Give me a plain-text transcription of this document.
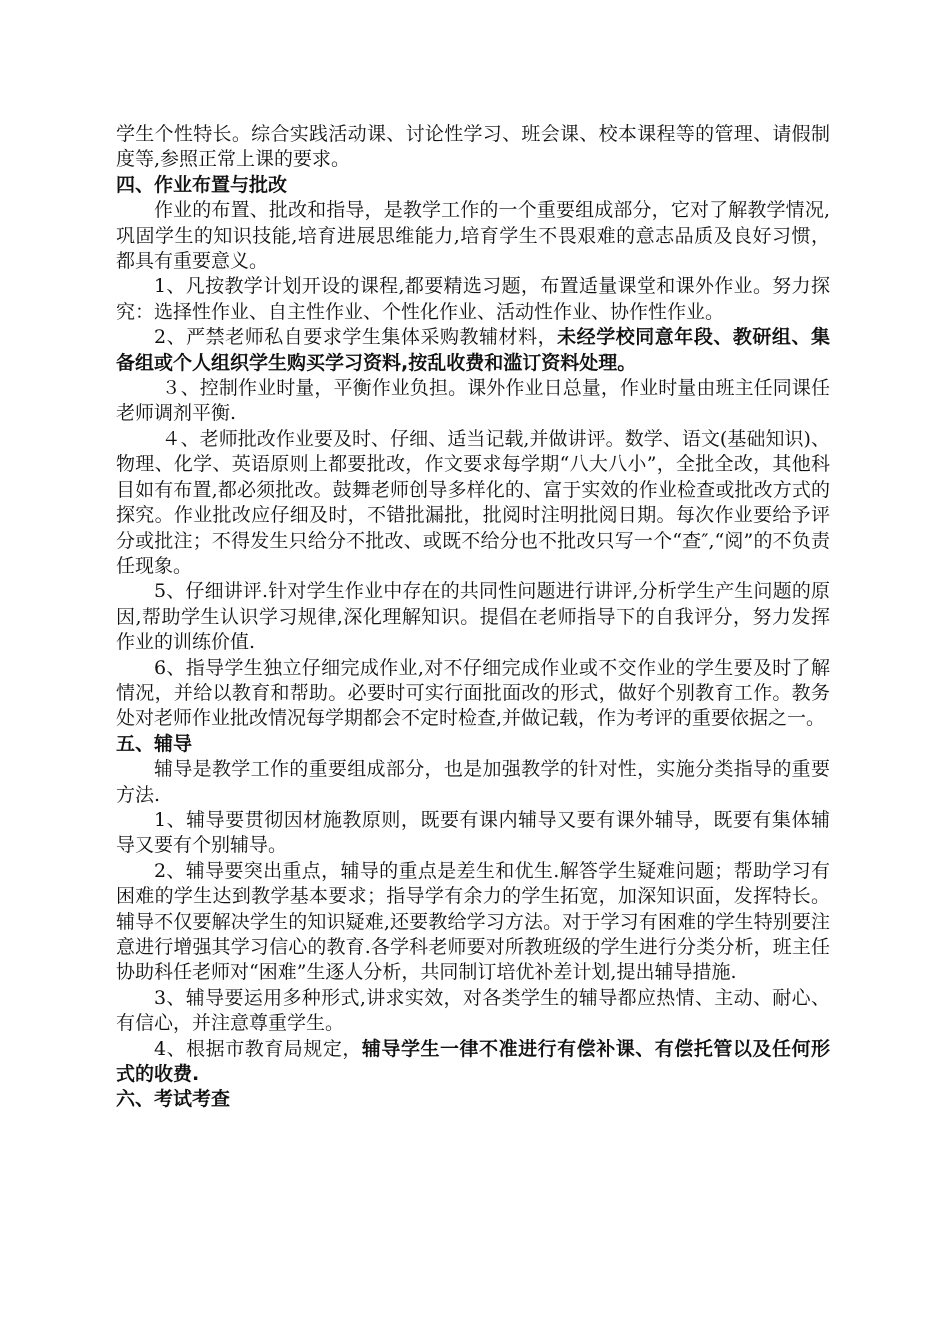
学生个性特长。综合实践活动课、讨论性学习、班会课、校本课程等的管理、请假制度等,参照正常上课的要求。

四、作业布置与批改

作业的布置、批改和指导，是教学工作的一个重要组成部分，它对了解教学情况,巩固学生的知识技能,培育进展思维能力,培育学生不畏艰难的意志品质及良好习惯，都具有重要意义。

1、凡按教学计划开设的课程,都要精选习题，布置适量课堂和课外作业。努力探究：选择性作业、自主性作业、个性化作业、活动性作业、协作性作业。

2、严禁老师私自要求学生集体采购教辅材料，未经学校同意年段、教研组、集备组或个人组织学生购买学习资料,按乱收费和滥订资料处理。

３、控制作业时量，平衡作业负担。课外作业日总量，作业时量由班主任同课任老师调剂平衡.

４、老师批改作业要及时、仔细、适当记载,并做讲评。数学、语文(基础知识)、物理、化学、英语原则上都要批改，作文要求每学期“八大八小”，全批全改，其他科目如有布置,都必须批改。鼓舞老师创导多样化的、富于实效的作业检查或批改方式的探究。作业批改应仔细及时，不错批漏批，批阅时注明批阅日期。每次作业要给予评分或批注；不得发生只给分不批改、或既不给分也不批改只写一个“查″,“阅”的不负责任现象。

5、仔细讲评.针对学生作业中存在的共同性问题进行讲评,分析学生产生问题的原因,帮助学生认识学习规律,深化理解知识。提倡在老师指导下的自我评分，努力发挥作业的训练价值.

6、指导学生独立仔细完成作业,对不仔细完成作业或不交作业的学生要及时了解情况，并给以教育和帮助。必要时可实行面批面改的形式，做好个别教育工作。教务处对老师作业批改情况每学期都会不定时检查,并做记载，作为考评的重要依据之一。

五、辅导

辅导是教学工作的重要组成部分，也是加强教学的针对性，实施分类指导的重要方法.

1、辅导要贯彻因材施教原则，既要有课内辅导又要有课外辅导，既要有集体辅导又要有个别辅导。

2、辅导要突出重点，辅导的重点是差生和优生.解答学生疑难问题；帮助学习有困难的学生达到教学基本要求；指导学有余力的学生拓宽，加深知识面，发挥特长。辅导不仅要解决学生的知识疑难,还要教给学习方法。对于学习有困难的学生特别要注意进行增强其学习信心的教育.各学科老师要对所教班级的学生进行分类分析，班主任协助科任老师对“困难”生逐人分析，共同制订培优补差计划,提出辅导措施.

3、辅导要运用多种形式,讲求实效，对各类学生的辅导都应热情、主动、耐心、有信心，并注意尊重学生。

4、根据市教育局规定，辅导学生一律不准进行有偿补课、有偿托管以及任何形式的收费.

六、考试考查
